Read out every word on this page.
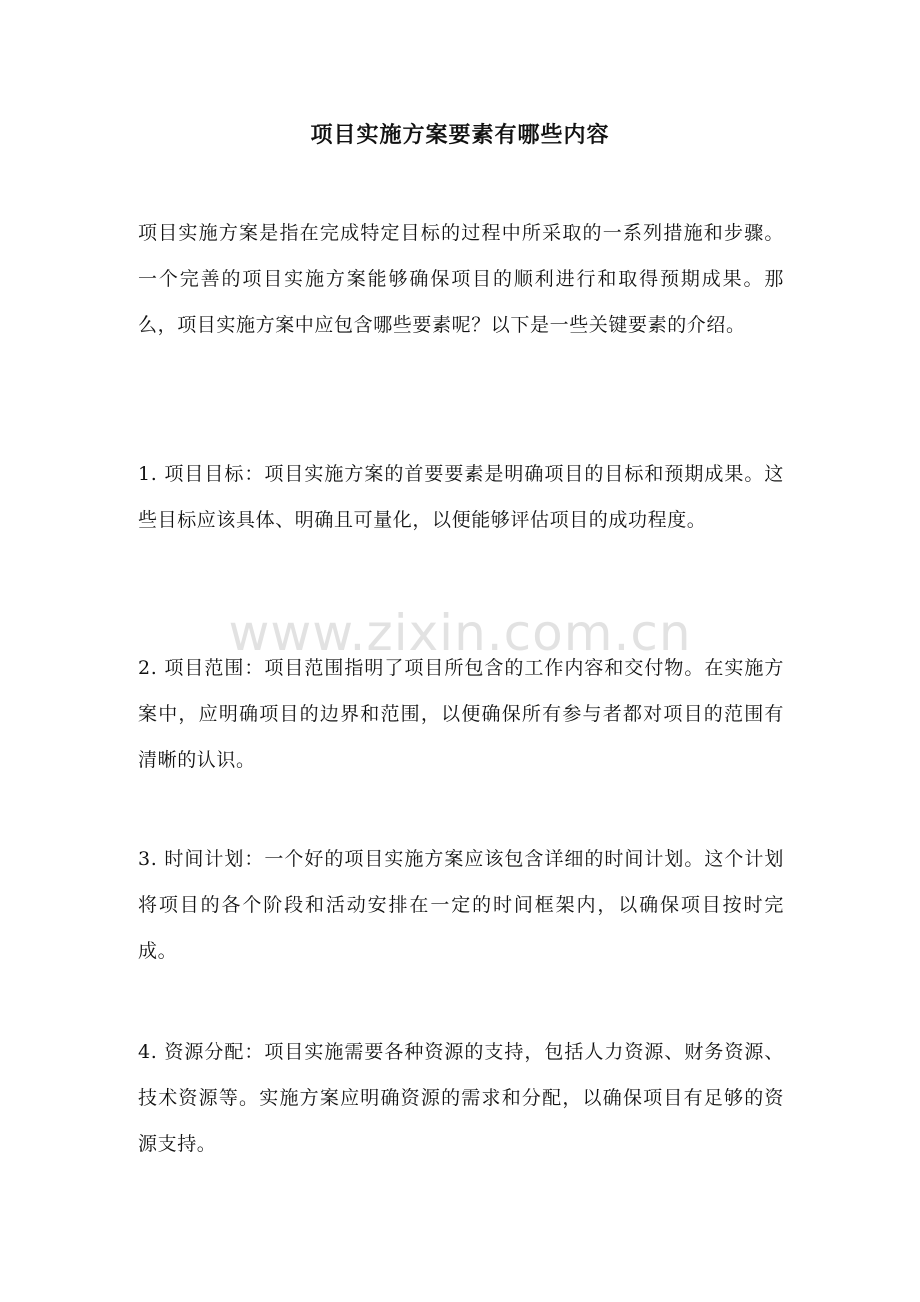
项目实施方案要素有哪些内容

项目实施方案是指在完成特定目标的过程中所采取的一系列措施和步骤。一个完善的项目实施方案能够确保项目的顺利进行和取得预期成果。那么，项目实施方案中应包含哪些要素呢？以下是一些关键要素的介绍。

1. 项目目标：项目实施方案的首要要素是明确项目的目标和预期成果。这些目标应该具体、明确且可量化，以便能够评估项目的成功程度。

2. 项目范围：项目范围指明了项目所包含的工作内容和交付物。在实施方案中，应明确项目的边界和范围，以便确保所有参与者都对项目的范围有清晰的认识。

3. 时间计划：一个好的项目实施方案应该包含详细的时间计划。这个计划将项目的各个阶段和活动安排在一定的时间框架内，以确保项目按时完成。

4. 资源分配：项目实施需要各种资源的支持，包括人力资源、财务资源、技术资源等。实施方案应明确资源的需求和分配，以确保项目有足够的资源支持。

www.zixin.com.cn
